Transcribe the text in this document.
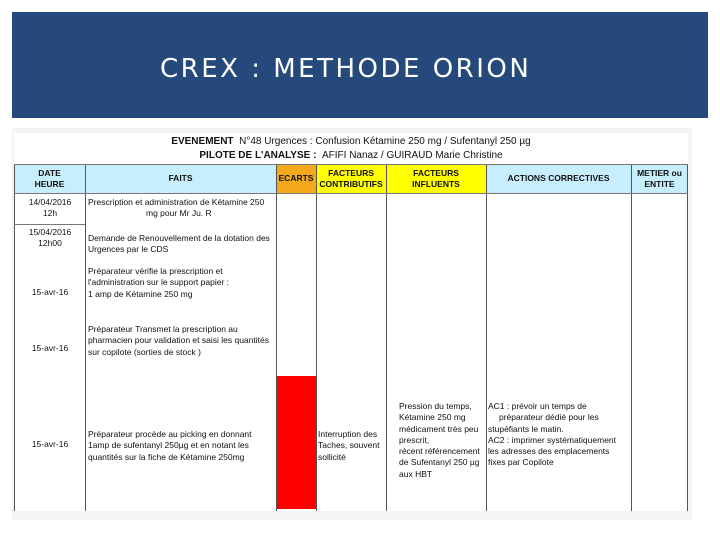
CREX : METHODE ORION
EVENEMENT N°48 Urgences : Confusion Kétamine 250 mg / Sufentanyl 250 µg
PILOTE DE L'ANALYSE : AFIFI Nanaz / GUIRAUD Marie Christine
DATE
HEURE
FAITS	ECARTS
FACTEURS
CONTRIBUTIFS
FACTEURS
INFLUENTS
ACTIONS CORRECTIVES
METIER ou
ENTITE
14/04/2016
12h
Prescription et administration de Kétamine 250
mg pour Mr Ju. R
15/04/2016
12h00	Demande de Renouvellement de la dotation des
Urgences par le CDS
15-avr-16
Préparateur vérifie la prescription et
l'administration sur le support papier :
1 amp de Kétamine 250 mg
15-avr-16
Préparateur Transmet la prescription au
pharmacien pour validation et saisi les quantités
sur copilote (sorties de stock )
15-avr-16
Préparateur procède au picking en donnant
1amp de sufentanyl 250µg et en notant les
quantités sur la fiche de Kétamine 250mg
Interruption des
Taches, souvent
sollicité
Pression du temps,
Kétamine 250 mg
médicament très peu
prescrit,
récent référencement
de Sufentanyl 250 µg
aux HBT
AC1 : prévoir un temps de
préparateur dédié pour les
stupéfiants le matin.
AC2 : imprimer systématiquement
les adresses des emplacements
fixes par Copilote
